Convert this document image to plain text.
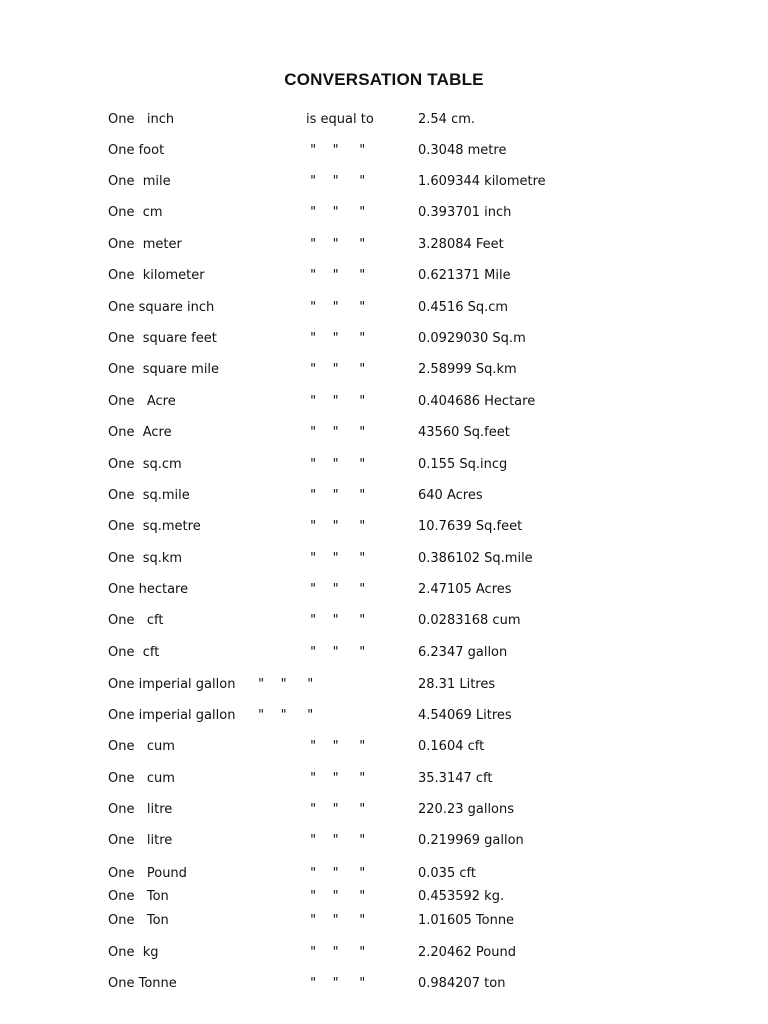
CONVERSATION TABLE
One   inch	is equal to	2.54 cm.
One foot	"    "     "	0.3048 metre
One  mile	"    "     "	1.609344 kilometre
One  cm	"    "     "	0.393701 inch
One  meter	"    "     "	3.28084 Feet
One  kilometer	"    "     "	0.621371 Mile
One square inch	"    "     "	0.4516 Sq.cm
One  square feet	"    "     "	0.0929030 Sq.m
One  square mile	"    "     "	2.58999 Sq.km
One   Acre	"    "     "	0.404686 Hectare
One  Acre	"    "     "	43560 Sq.feet
One  sq.cm	"    "     "	0.155 Sq.incg
One  sq.mile	"    "     "	640 Acres
One  sq.metre	"    "     "	10.7639 Sq.feet
One  sq.km	"    "     "	0.386102 Sq.mile
One hectare	"    "     "	2.47105 Acres
One   cft	"    "     "	0.0283168 cum
One  cft	"    "     "	6.2347 gallon
One imperial gallon "    "     "	28.31 Litres
One imperial gallon "    "     "	4.54069 Litres
One   cum	"    "     "	0.1604 cft
One   cum	"    "     "	35.3147 cft
One   litre	"    "     "	220.23 gallons
One   litre	"    "     "	0.219969 gallon
One   Pound	"    "     "	0.035 cft
One   Ton	"    "     "	0.453592 kg.
One   Ton	"    "     "	1.01605 Tonne
One  kg	"    "     "	2.20462 Pound
One Tonne	"    "     "	0.984207 ton
